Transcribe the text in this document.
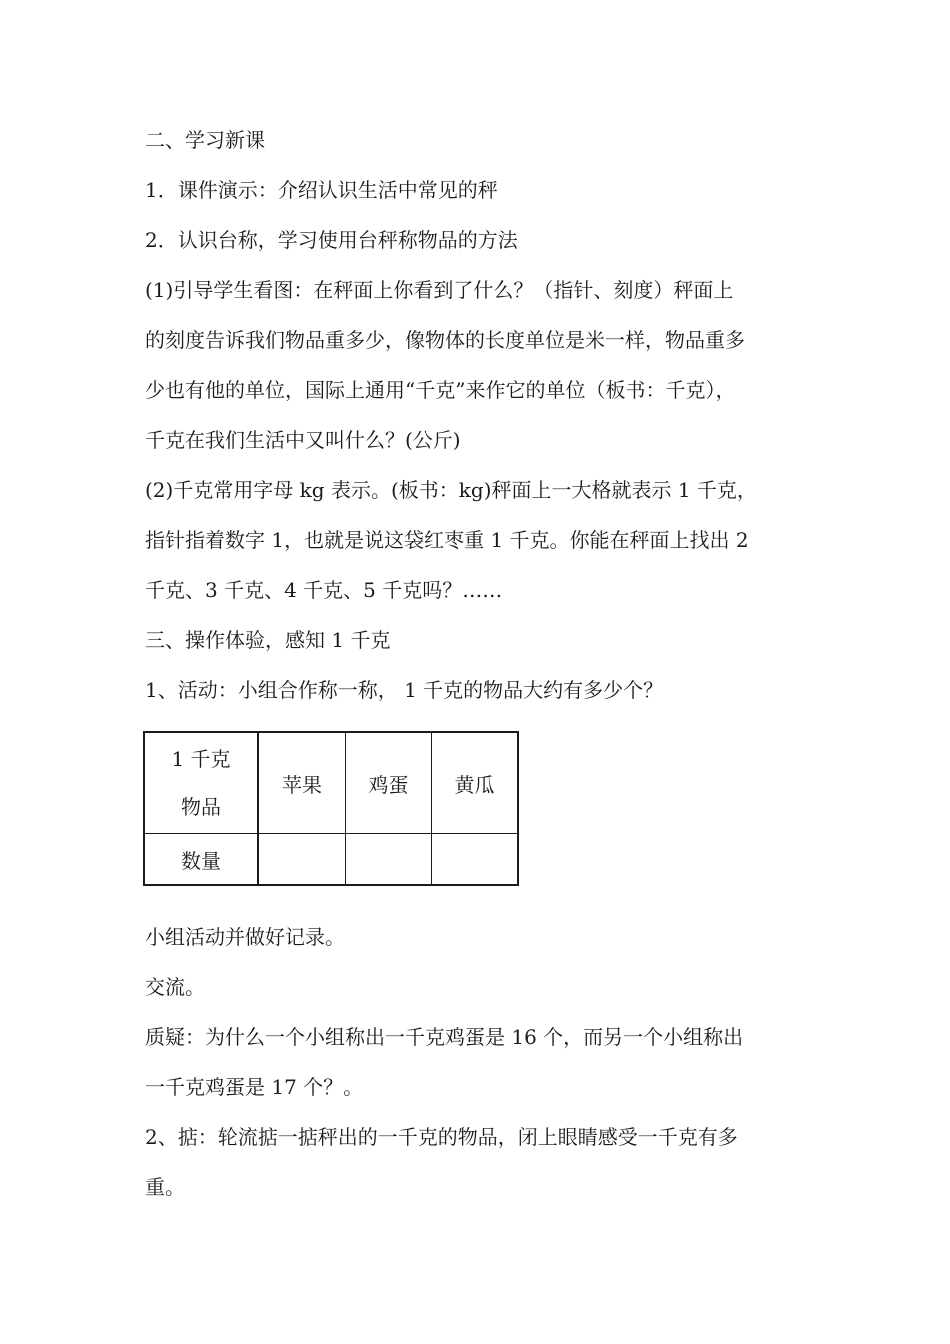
二、学习新课
1．课件演示：介绍认识生活中常见的秤
2．认识台称，学习使用台秤称物品的方法
(1)引导学生看图：在秤面上你看到了什么？（指针、刻度）秤面上
的刻度告诉我们物品重多少，像物体的长度单位是米一样，物品重多
少也有他的单位，国际上通用“千克”来作它的单位（板书：千克），
千克在我们生活中又叫什么？(公斤)
(2)千克常用字母 kg 表示。(板书：kg)秤面上一大格就表示 1 千克，
指针指着数字 1，也就是说这袋红枣重 1 千克。你能在秤面上找出 2
千克、3 千克、4 千克、5 千克吗？……
三、操作体验，感知 1 千克
1、活动：小组合作称一称， 1 千克的物品大约有多少个？
1 千克
物品	苹果	鸡蛋	黄瓜
数量			
小组活动并做好记录。
交流。
质疑：为什么一个小组称出一千克鸡蛋是 16 个，而另一个小组称出
一千克鸡蛋是 17 个？。
2、掂：轮流掂一掂秤出的一千克的物品，闭上眼睛感受一千克有多
重。
